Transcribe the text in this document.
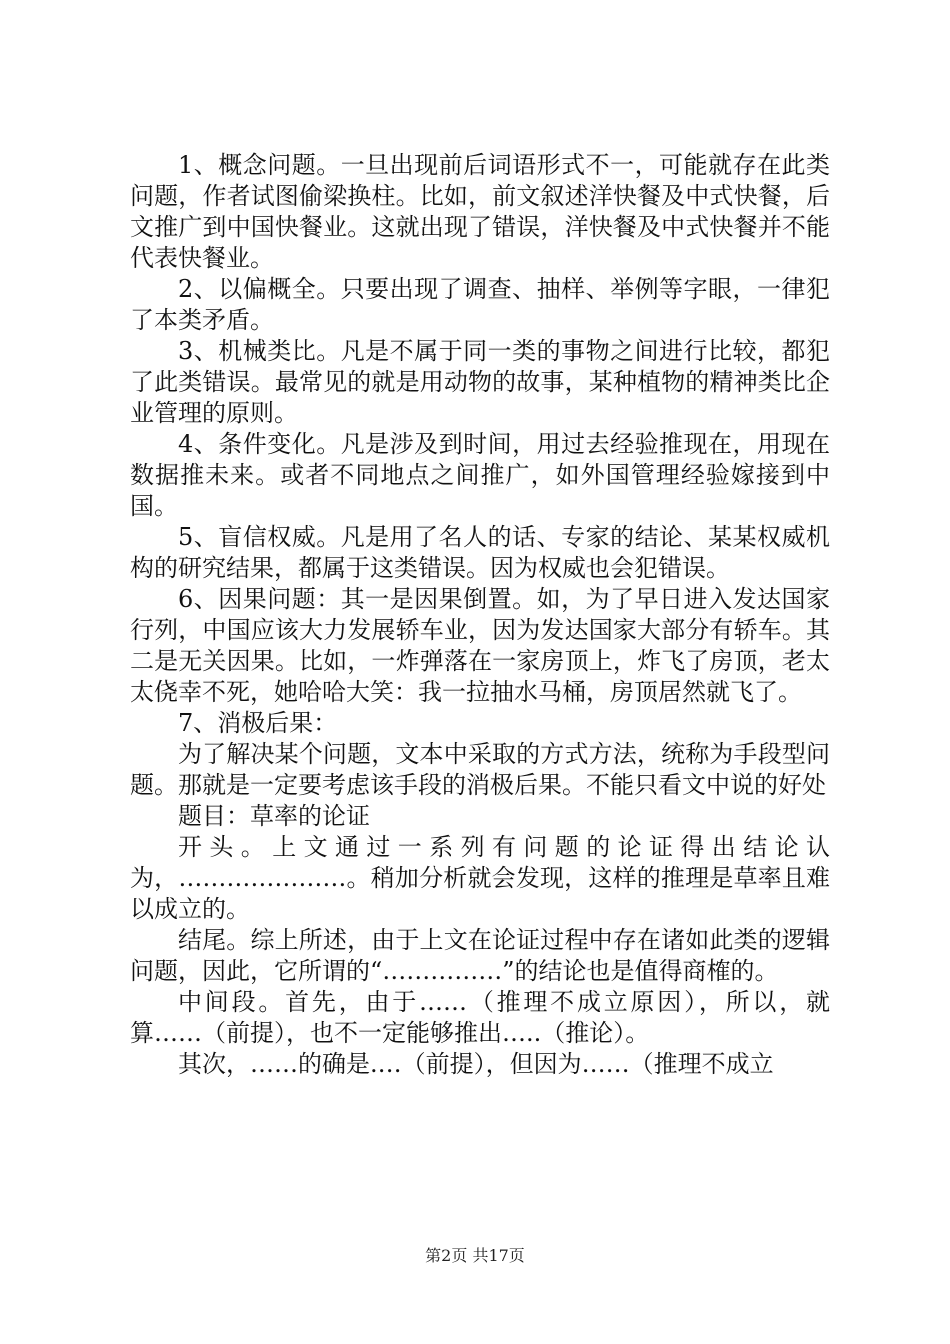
1、概念问题。一旦出现前后词语形式不一，可能就存在此类问题，作者试图偷梁换柱。比如，前文叙述洋快餐及中式快餐，后文推广到中国快餐业。这就出现了错误，洋快餐及中式快餐并不能代表快餐业。

2、以偏概全。只要出现了调查、抽样、举例等字眼，一律犯了本类矛盾。

3、机械类比。凡是不属于同一类的事物之间进行比较，都犯了此类错误。最常见的就是用动物的故事，某种植物的精神类比企业管理的原则。

4、条件变化。凡是涉及到时间，用过去经验推现在，用现在数据推未来。或者不同地点之间推广，如外国管理经验嫁接到中国。

5、盲信权威。凡是用了名人的话、专家的结论、某某权威机构的研究结果，都属于这类错误。因为权威也会犯错误。

6、因果问题：其一是因果倒置。如，为了早日进入发达国家行列，中国应该大力发展轿车业，因为发达国家大部分有轿车。其二是无关因果。比如，一炸弹落在一家房顶上，炸飞了房顶，老太太侥幸不死，她哈哈大笑：我一拉抽水马桶，房顶居然就飞了。

7、消极后果：

为了解决某个问题，文本中采取的方式方法，统称为手段型问题。那就是一定要考虑该手段的消极后果。不能只看文中说的好处

题目：草率的论证

开头。上文通过一系列有问题的论证得出结论认为，…………………。稍加分析就会发现，这样的推理是草率且难以成立的。

结尾。综上所述，由于上文在论证过程中存在诸如此类的逻辑问题，因此，它所谓的“……………”的结论也是值得商榷的。

中间段。首先，由于……（推理不成立原因），所以，就算……（前提），也不一定能够推出…..（推论）。

其次，……的确是.…（前提），但因为……（推理不成立

第2页 共17页
